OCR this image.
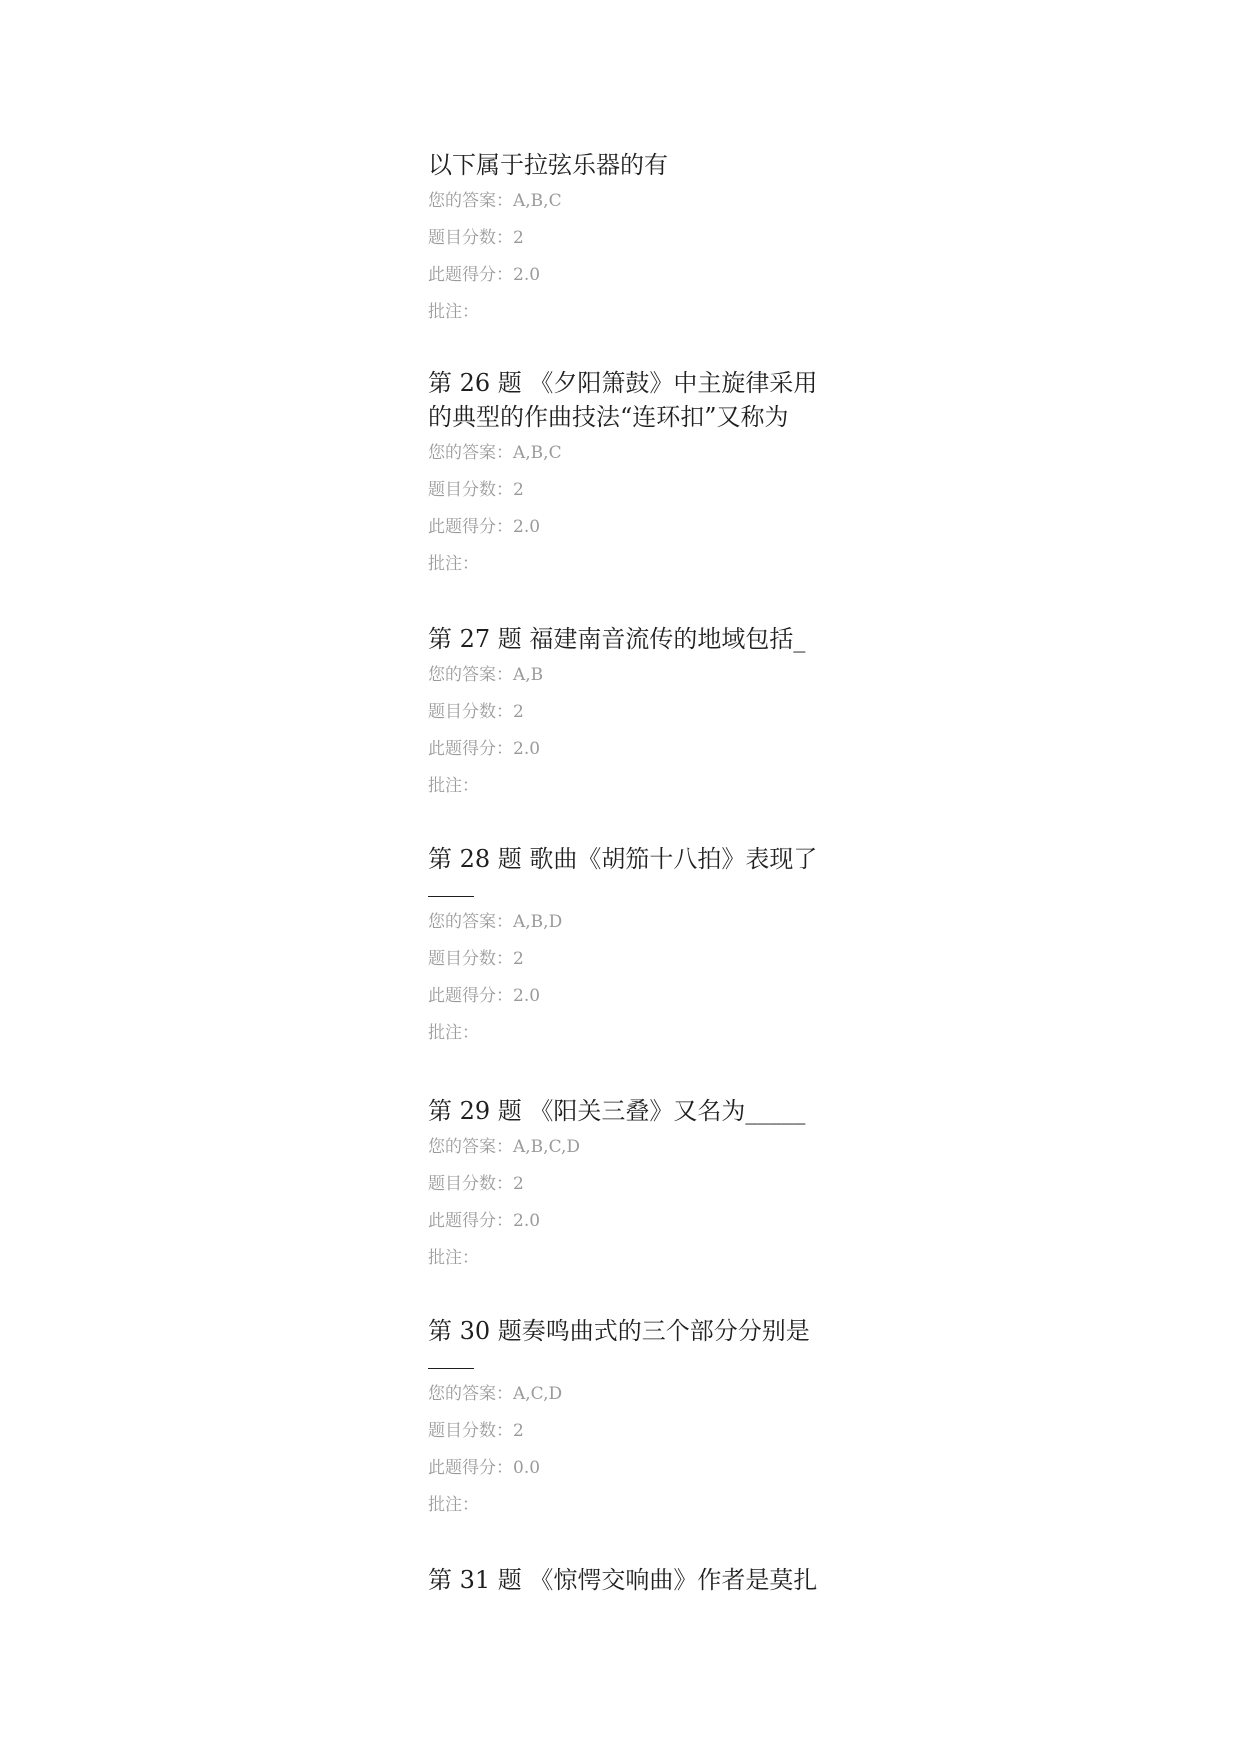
以下属于拉弦乐器的有

您的答案：A,B,C
题目分数：2
此题得分：2.0
批注：

第 26 题 《夕阳箫鼓》中主旋律采用的典型的作曲技法“连环扣”又称为

您的答案：A,B,C
题目分数：2
此题得分：2.0
批注：

第 27 题 福建南音流传的地域包括_

您的答案：A,B
题目分数：2
此题得分：2.0
批注：

第 28 题 歌曲《胡笳十八拍》表现了

您的答案：A,B,D
题目分数：2
此题得分：2.0
批注：

第 29 题 《阳关三叠》又名为_____

您的答案：A,B,C,D
题目分数：2
此题得分：2.0
批注：

第 30 题奏鸣曲式的三个部分分别是

您的答案：A,C,D
题目分数：2
此题得分：0.0
批注：

第 31 题 《惊愕交响曲》作者是莫扎
